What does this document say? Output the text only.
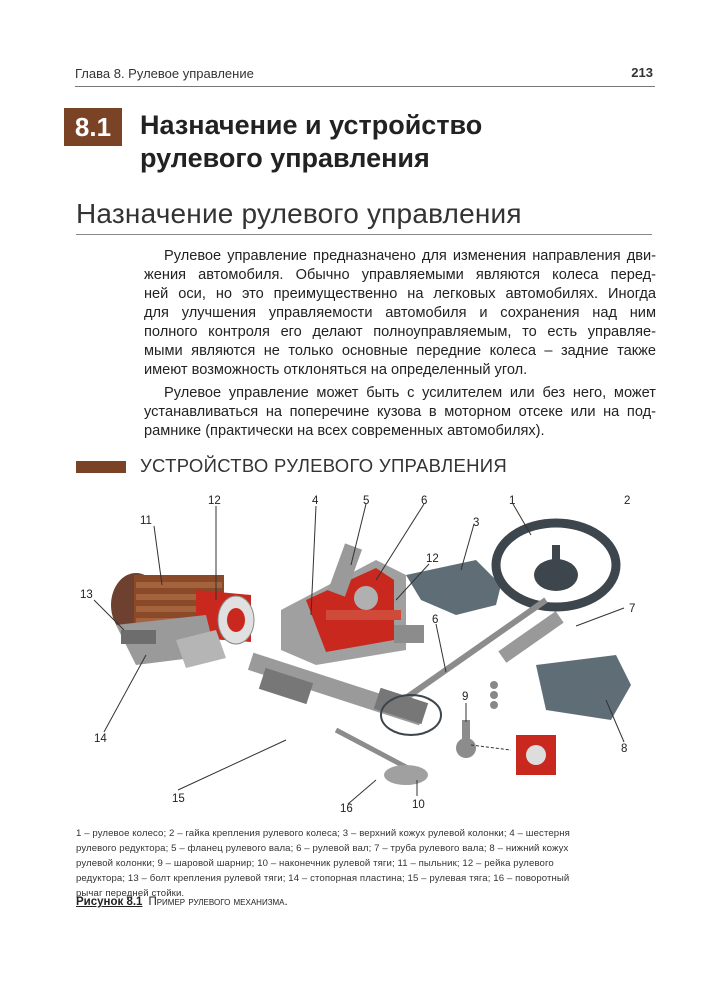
Глава 8. Рулевое управление	213
8.1	Назначение и устройство
рулевого управления
Назначение рулевого управления

Рулевое управление предназначено для изменения направления дви-
жения автомобиля. Обычно управляемыми являются колеса перед-
ней оси, но это преимущественно на легковых автомобилях. Иногда
для улучшения управляемости автомобиля и сохранения над ним
полного контроля его делают полноуправляемым, то есть управляе-
мыми являются не только основные передние колеса – задние также
имеют возможность отклоняться на определенный угол.

Рулевое управление может быть с усилителем или без него, может
устанавливаться на поперечине кузова в моторном отсеке или на под-
рамнике (практически на всех современных автомобилях).

УСТРОЙСТВО РУЛЕВОГО УПРАВЛЕНИЯ
1	2
3
4	5	6
6
7
8
9
10
11
12
12
13
14
15
16
1 – рулевое колесо; 2 – гайка крепления рулевого колеса; 3 – верхний кожух рулевой колонки; 4 – шестерня
рулевого редуктора; 5 – фланец рулевого вала; 6 – рулевой вал; 7 – труба рулевого вала; 8 – нижний кожух
рулевой колонки; 9 – шаровой шарнир; 10 – наконечник рулевой тяги; 11 – пыльник; 12 – рейка рулевого
редуктора; 13 – болт крепления рулевой тяги; 14 – стопорная пластина; 15 – рулевая тяга; 16 – поворотный
рычаг передней стойки.
Рисунок 8.1 Пример рулевого механизма.
